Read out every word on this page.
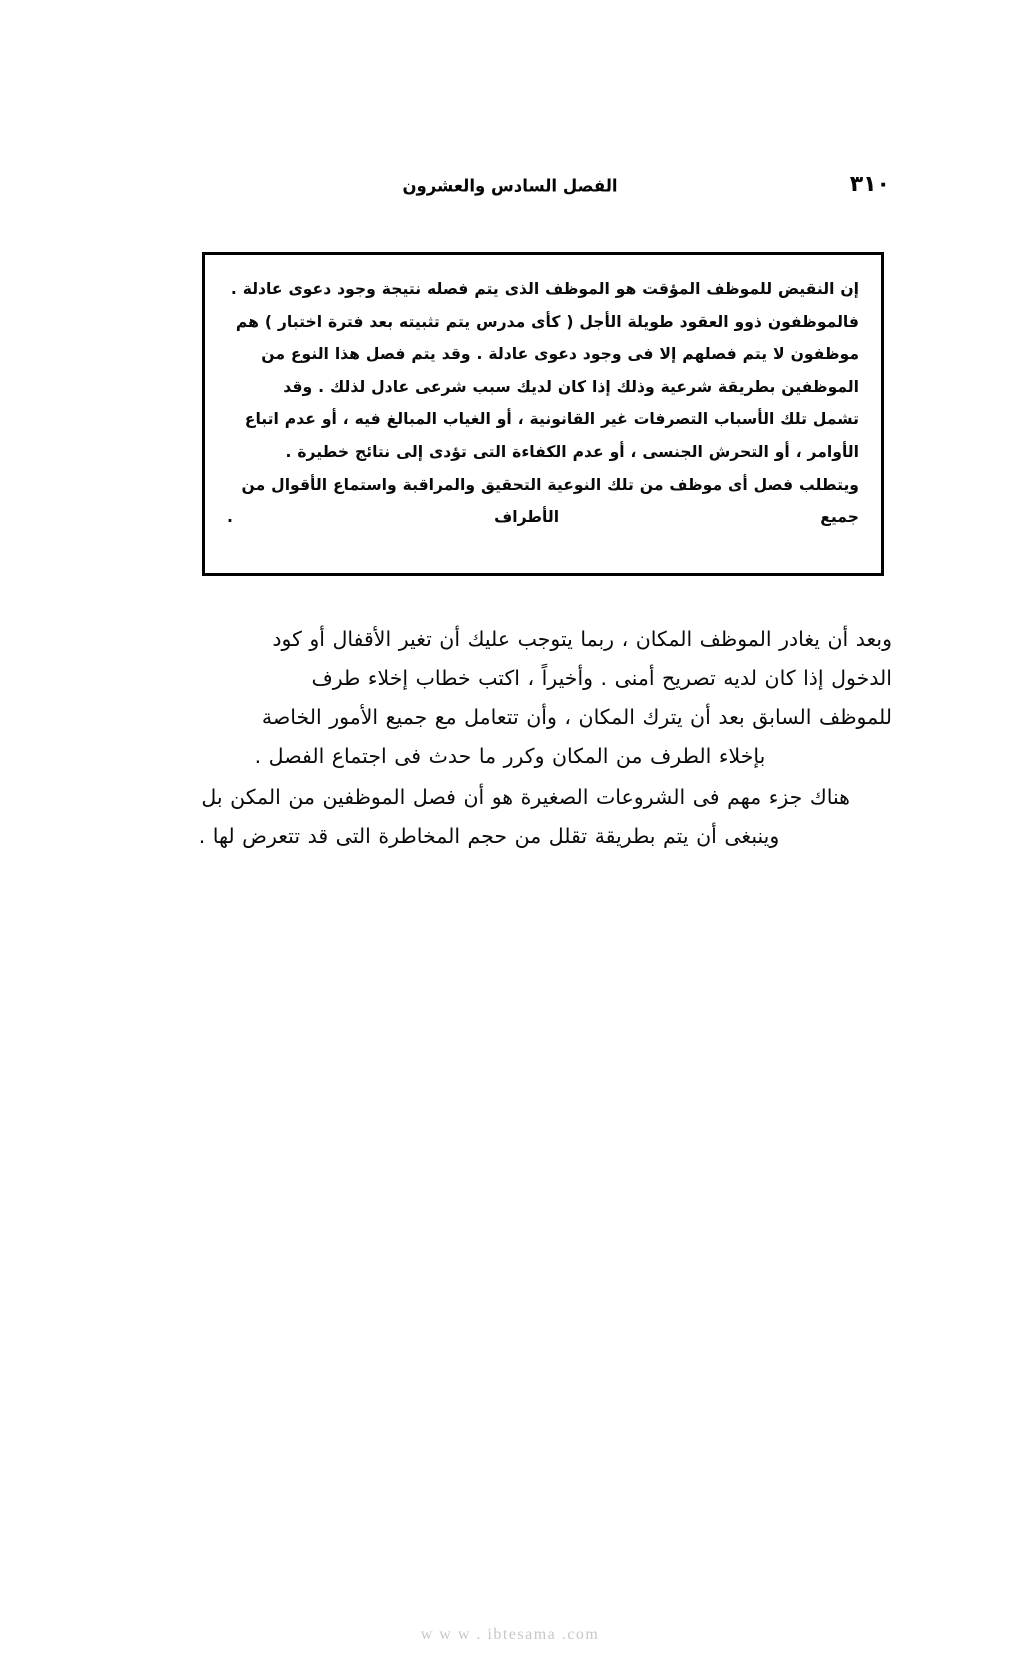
الفصل السادس والعشرون	٣١٠
إن النقيض للموظف المؤقت هو الموظف الذى يتم فصله نتيجة وجود دعوى عادلة .
فالموظفون ذوو العقود طويلة الأجل ( كأى مدرس يتم تثبيته بعد فترة اختبار ) هم
موظفون لا يتم فصلهم إلا فى وجود دعوى عادلة . وقد يتم فصل هذا النوع من
الموظفين بطريقة شرعية وذلك إذا كان لديك سبب شرعى عادل لذلك . وقد
تشمل تلك الأسباب التصرفات غير القانونية ، أو الغياب المبالغ فيه ، أو عدم اتباع
الأوامر ، أو التحرش الجنسى ، أو عدم الكفاءة التى تؤدى إلى نتائج خطيرة .
ويتطلب فصل أى موظف من تلك النوعية التحقيق والمراقبة واستماع الأقوال من
جميع الأطراف .

وبعد أن يغادر الموظف المكان ، ربما يتوجب عليك أن تغير الأقفال أو كود
الدخول إذا كان لديه تصريح أمنى . وأخيراً ، اكتب خطاب إخلاء طرف
للموظف السابق بعد أن يترك المكان ، وأن تتعامل مع جميع الأمور الخاصة
بإخلاء الطرف من المكان وكرر ما حدث فى اجتماع الفصل .

هناك جزء مهم فى الشروعات الصغيرة هو أن فصل الموظفين من المكن بل
وينبغى أن يتم بطريقة تقلل من حجم المخاطرة التى قد تتعرض لها .

w w w . ibtesama .com
